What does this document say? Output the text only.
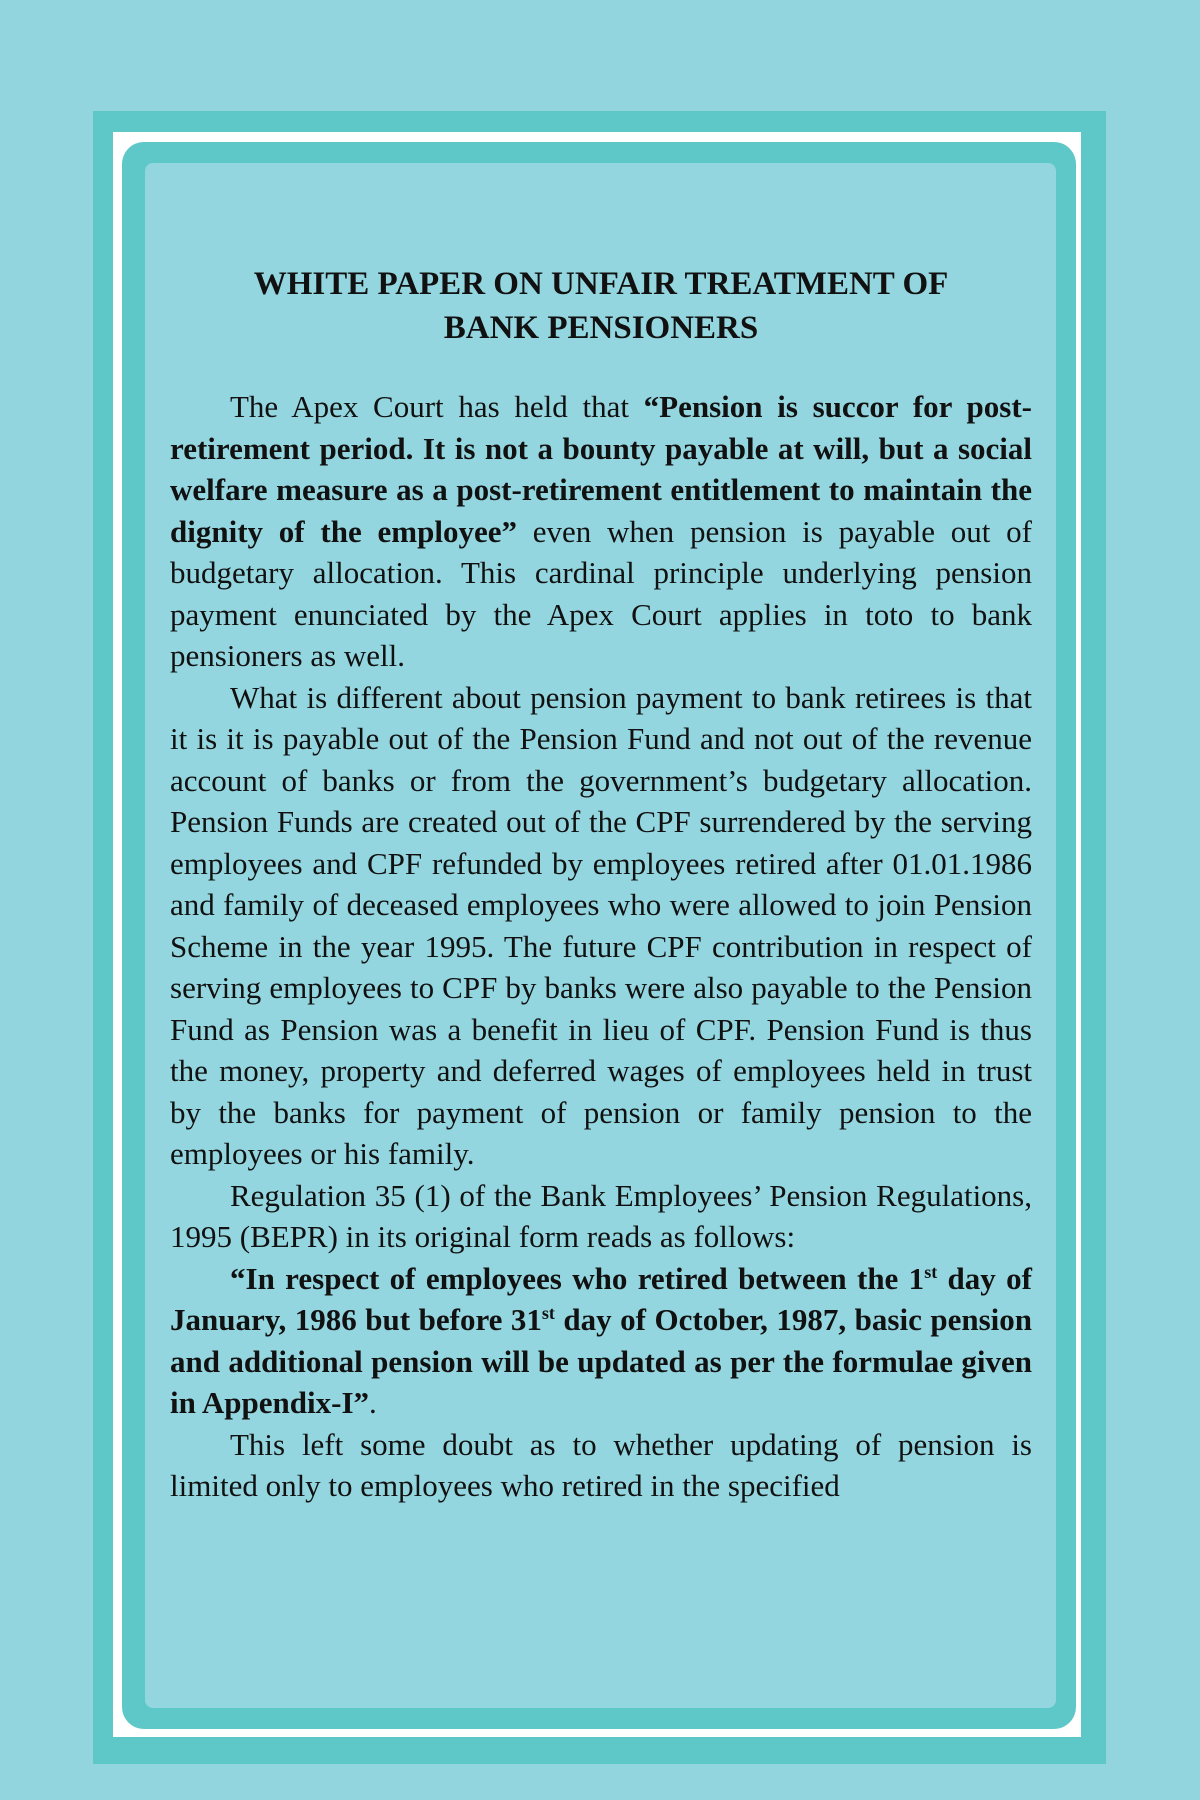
WHITE PAPER ON UNFAIR TREATMENT OF
BANK PENSIONERS

The Apex Court has held that “Pension is succor for post-retirement period. It is not a bounty payable at will, but a social welfare measure as a post-retirement entitlement to maintain the dignity of the employee” even when pension is payable out of budgetary allocation. This cardinal principle underlying pension payment enunciated by the Apex Court applies in toto to bank pensioners as well.

What is different about pension payment to bank retirees is that it is it is payable out of the Pension Fund and not out of the revenue account of banks or from the government’s budgetary allocation. Pension Funds are created out of the CPF surrendered by the serving employees and CPF refunded by employees retired after 01.01.1986 and family of deceased employees who were allowed to join Pension Scheme in the year 1995. The future CPF contribution in respect of serving employees to CPF by banks were also payable to the Pension Fund as Pension was a benefit in lieu of CPF. Pension Fund is thus the money, property and deferred wages of employees held in trust by the banks for payment of pension or family pension to the employees or his family.

Regulation 35 (1) of the Bank Employees’ Pension Regulations, 1995 (BEPR) in its original form reads as follows:

“In respect of employees who retired between the 1st day of January, 1986 but before 31st day of October, 1987, basic pension and additional pension will be updated as per the formulae given in Appendix-I”.

This left some doubt as to whether updating of pension is limited only to employees who retired in the specified
